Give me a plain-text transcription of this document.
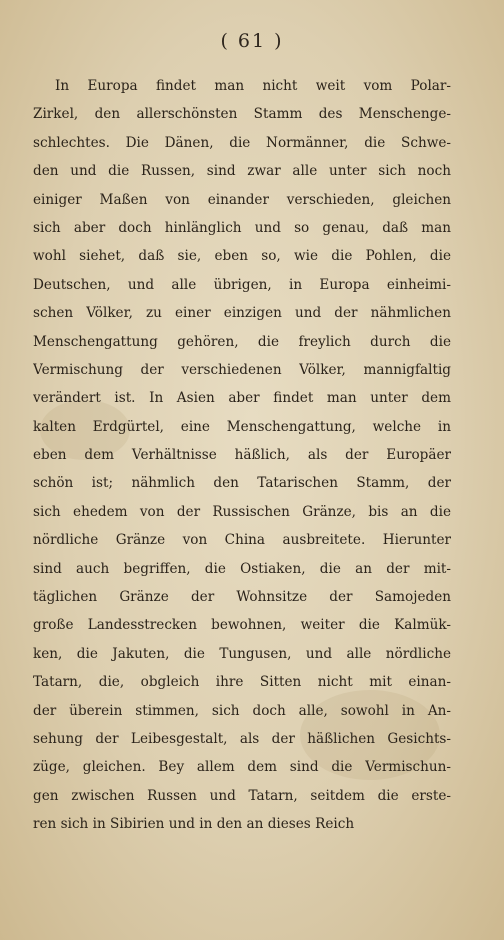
( 61 )
In Europa findet man nicht weit vom Polar-
Zirkel, den allerschönsten Stamm des Menschenge-
schlechtes. Die Dänen, die Normänner, die Schwe-
den und die Russen, sind zwar alle unter sich noch
einiger Maßen von einander verschieden, gleichen
sich aber doch hinlänglich und so genau, daß man
wohl siehet, daß sie, eben so, wie die Pohlen, die
Deutschen, und alle übrigen, in Europa einheimi-
schen Völker, zu einer einzigen und der nähmlichen
Menschengattung gehören, die freylich durch die
Vermischung der verschiedenen Völker, mannigfaltig
verändert ist. In Asien aber findet man unter dem
kalten Erdgürtel, eine Menschengattung, welche in
eben dem Verhältnisse häßlich, als der Europäer
schön ist; nähmlich den Tatarischen Stamm, der
sich ehedem von der Russischen Gränze, bis an die
nördliche Gränze von China ausbreitete. Hierunter
sind auch begriffen, die Ostiaken, die an der mit-
täglichen Gränze der Wohnsitze der Samojeden
große Landesstrecken bewohnen, weiter die Kalmük-
ken, die Jakuten, die Tungusen, und alle nördliche
Tatarn, die, obgleich ihre Sitten nicht mit einan-
der überein stimmen, sich doch alle, sowohl in An-
sehung der Leibesgestalt, als der häßlichen Gesichts-
züge, gleichen. Bey allem dem sind die Vermischun-
gen zwischen Russen und Tatarn, seitdem die erste-
ren sich in Sibirien und in den an dieses Reich
